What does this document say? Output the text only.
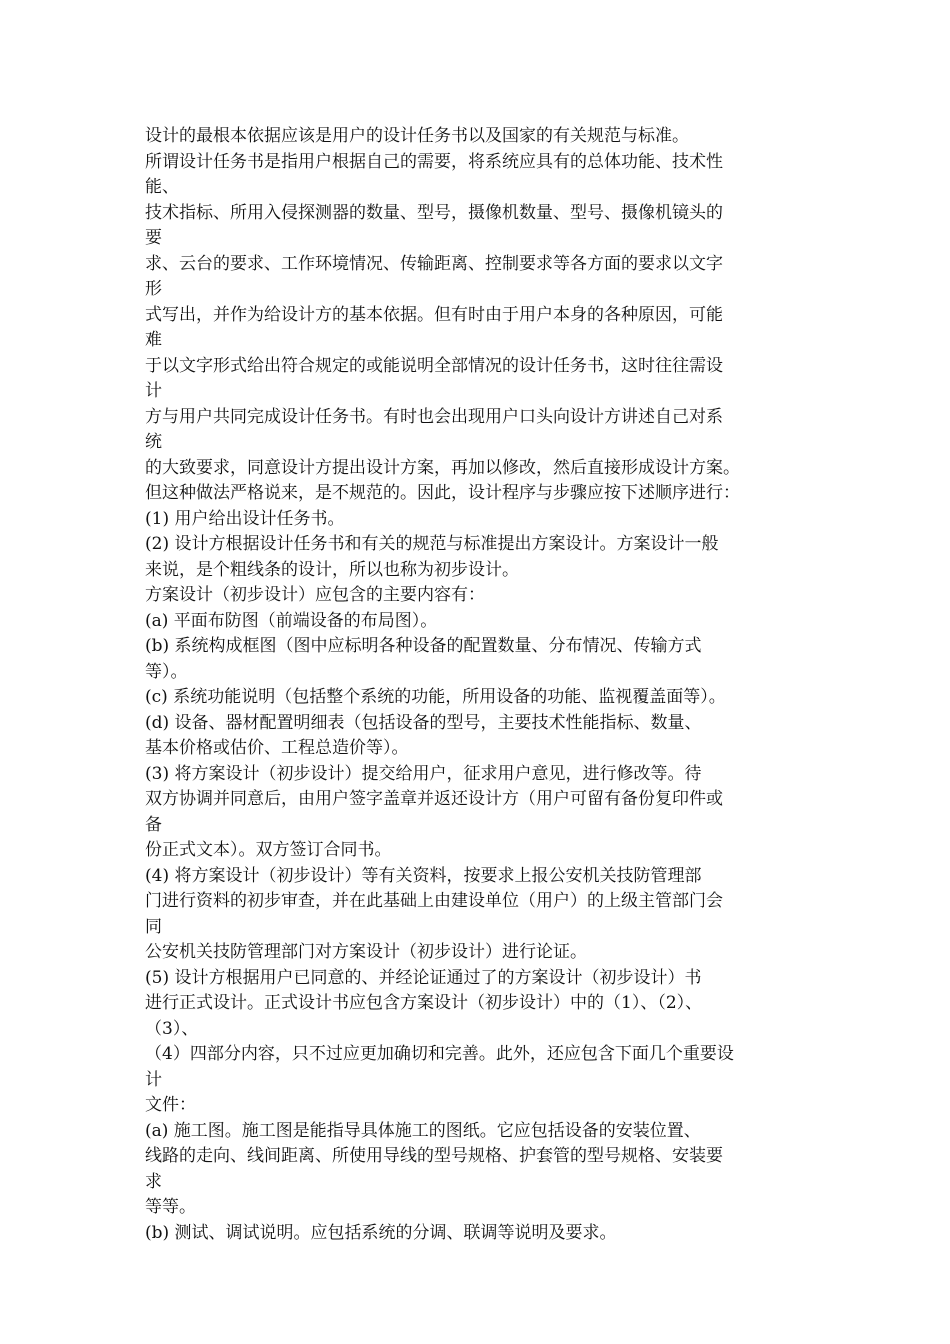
设计的最根本依据应该是用户的设计任务书以及国家的有关规范与标准。
所谓设计任务书是指用户根据自己的需要，将系统应具有的总体功能、技术性
能、
技术指标、所用入侵探测器的数量、型号，摄像机数量、型号、摄像机镜头的
要
求、云台的要求、工作环境情况、传输距离、控制要求等各方面的要求以文字
形
式写出，并作为给设计方的基本依据。但有时由于用户本身的各种原因，可能
难
于以文字形式给出符合规定的或能说明全部情况的设计任务书，这时往往需设
计
方与用户共同完成设计任务书。有时也会出现用户口头向设计方讲述自己对系
统
的大致要求，同意设计方提出设计方案，再加以修改，然后直接形成设计方案。
但这种做法严格说来，是不规范的。因此，设计程序与步骤应按下述顺序进行：
(1) 用户给出设计任务书。
(2) 设计方根据设计任务书和有关的规范与标准提出方案设计。方案设计一般
来说，是个粗线条的设计，所以也称为初步设计。
方案设计（初步设计）应包含的主要内容有：
(a) 平面布防图（前端设备的布局图）。
(b) 系统构成框图（图中应标明各种设备的配置数量、分布情况、传输方式
等）。
(c) 系统功能说明（包括整个系统的功能，所用设备的功能、监视覆盖面等）。
(d) 设备、器材配置明细表（包括设备的型号，主要技术性能指标、数量、
基本价格或估价、工程总造价等）。
(3) 将方案设计（初步设计）提交给用户，征求用户意见，进行修改等。待
双方协调并同意后，由用户签字盖章并返还设计方（用户可留有备份复印件或
备
份正式文本）。双方签订合同书。
(4) 将方案设计（初步设计）等有关资料，按要求上报公安机关技防管理部
门进行资料的初步审查，并在此基础上由建设单位（用户）的上级主管部门会
同
公安机关技防管理部门对方案设计（初步设计）进行论证。
(5) 设计方根据用户已同意的、并经论证通过了的方案设计（初步设计）书
进行正式设计。正式设计书应包含方案设计（初步设计）中的（1）、（2）、
（3）、
（4）四部分内容，只不过应更加确切和完善。此外，还应包含下面几个重要设
计
文件：
(a) 施工图。施工图是能指导具体施工的图纸。它应包括设备的安装位置、
线路的走向、线间距离、所使用导线的型号规格、护套管的型号规格、安装要
求
等等。
(b) 测试、调试说明。应包括系统的分调、联调等说明及要求。
